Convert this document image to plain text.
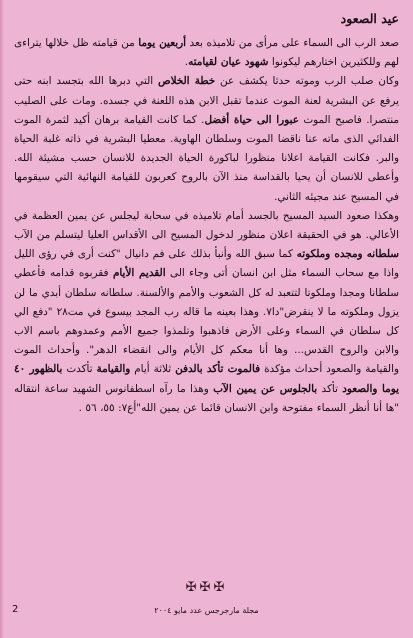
عيد الصعود

صعد الرب الى السماء على مرأى من تلاميذه بعد أربعين يوما من قيامته ظل خلالها يتراءى لهم وللكثيرين اختارهم ليكونوا شهود عيان لقيامته.

وكان صلب الرب وموته حدثا يكشف عن خطة الخلاص التي دبرها الله بتجسد ابنه حتى يرفع عن البشرية لعنة الموت عندما تقبل الابن هذه اللعنة في جسده. ومات على الصليب منتصرا. فاصبح الموت عبورا الى حياة أفضل. كما كانت القيامة برهان أكيد لثمرة الموت الفدائي الذى ماته عنا ناقضا الموت وسلطان الهاوية. معطيا البشرية في ذاته غلبة الحياة والبر. فكانت القيامة اعلانا منظورا لباكورة الحياة الجديدة للانسان حسب مشيئة الله. وأعطى للانسان أن يحيا بالقداسة منذ الآن بالروح كعربون للقيامة النهائية التي سيقومها في المسيح عند مجيئه الثاني.

وهكذا صعود السيد المسيح بالجسد أمام تلاميذه في سحابة ليجلس عن يمين العظمة في الأعالي. هو في الحقيقة اعلان منظور لدخول المسيح الى الأقداس العليا ليتسلم من الآب سلطانه ومجده وملكوته كما سبق الله وأنبأ بذلك على فم دانيال "كنت أرى في رؤى الليل واذا مع سحاب السماء مثل ابن انسان أتى وجاء الى القديم الأيام فقربوه قدامه فأعطي سلطانا ومجدا وملكوتا لتتعبد له كل الشعوب والأمم والألسنة. سلطانه سلطان أبدي ما لن يزول وملكوته ما لا ينقرض"دا٧. وهذا بعينه ما قاله رب المجد بيسوع في مت٢٨ "دفع الي كل سلطان في السماء وعلى الأرض فاذهبوا وتلمذوا جميع الأمم وعمدوهم باسم الاب والابن والروح القدس... وها أنا معكم كل الأيام والى انقضاء الدهر". وأحداث الموت والقيامة والصعود أحداث مؤكدة فالموت تأكد بالدفن ثلاثة أيام والقيامة تأكدت بالظهور ٤٠ يوما والصعود تأكد بالجلوس عن يمين الآب وهذا ما رآه اسطفانوس الشهيد ساعة انتقاله "ها أنا أنظر السماء مفتوحة وابن الانسان قائما عن يمين الله"أع٧: ٥٥، ٥٦ .

✠✠✠
2	مجلة مارجرجس عدد مايو ٢٠٠٤
